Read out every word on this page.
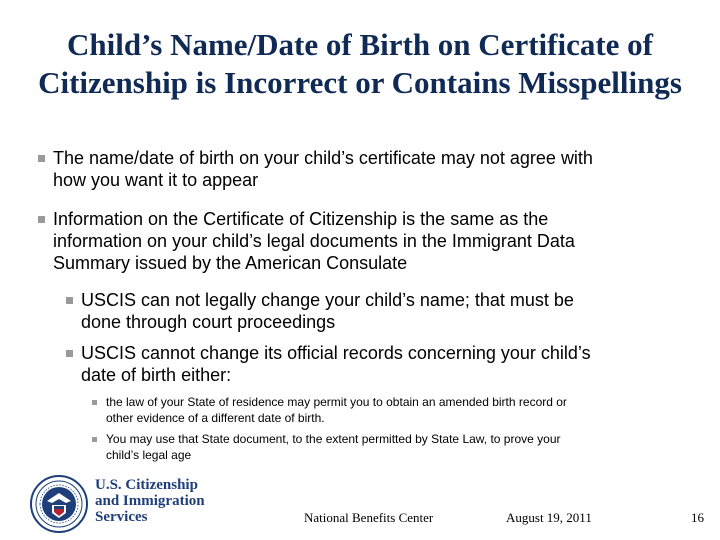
Child’s Name/Date of Birth on Certificate of
Citizenship is Incorrect or Contains Misspellings
The name/date of birth on your child’s certificate may not agree with
how you want it to appear
Information on the Certificate of Citizenship is the same as the
information on your child’s legal documents in the Immigrant Data
Summary issued by the American Consulate
USCIS can not legally change your child’s name; that must be
done through court proceedings
USCIS cannot change its official records concerning your child’s
date of birth either:
the law of your State of residence may permit you to obtain an amended birth record or
other evidence of a different date of birth.
You may use that State document, to the extent permitted by State Law, to prove your
child’s legal age
U.S. Citizenship
and Immigration
Services	National Benefits Center	August 19, 2011	16
